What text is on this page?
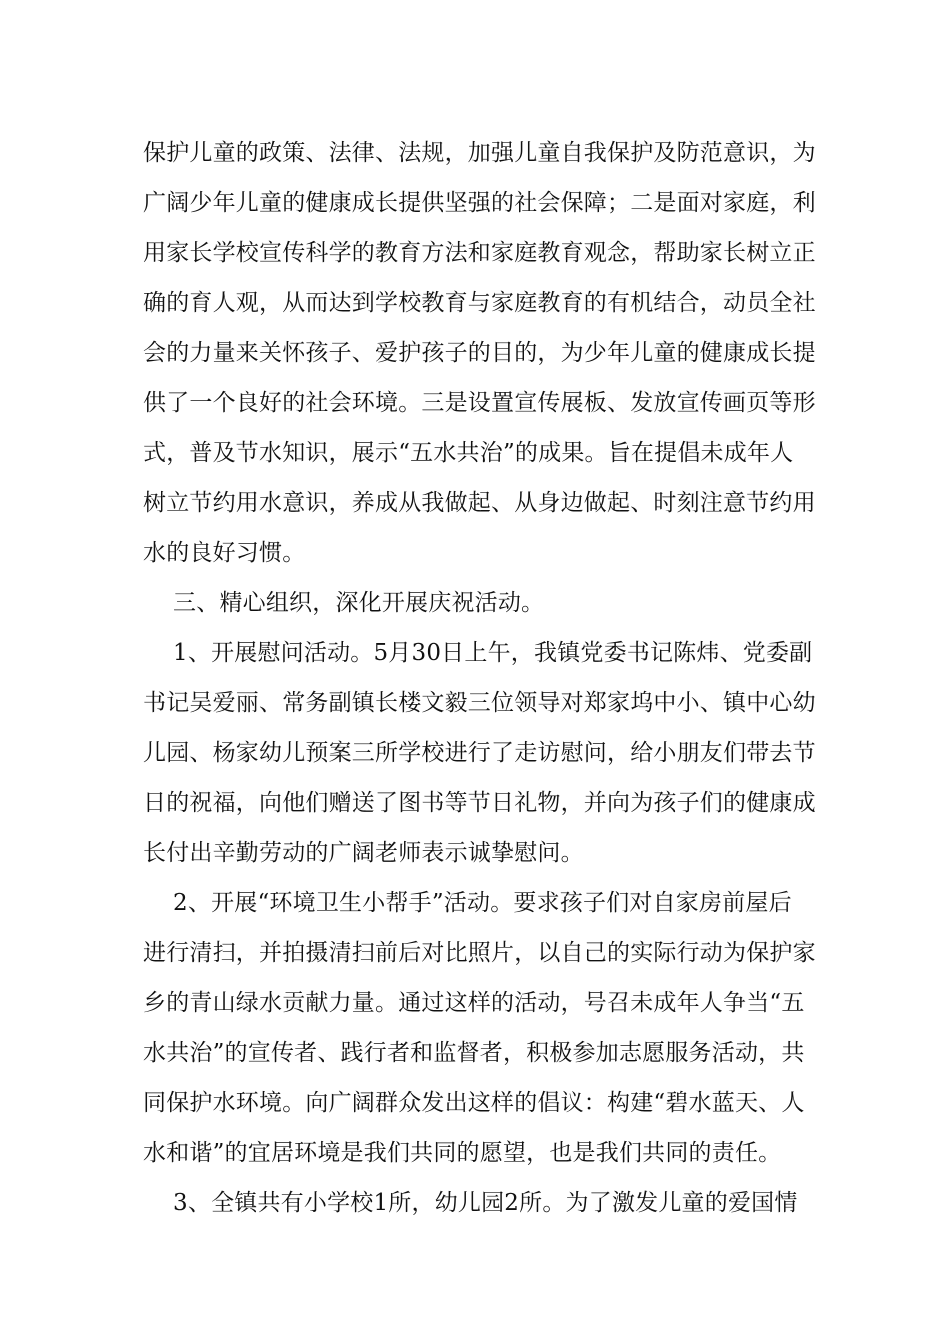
保护儿童的政策、法律、法规，加强儿童自我保护及防范意识，为
广阔少年儿童的健康成长提供坚强的社会保障；二是面对家庭，利
用家长学校宣传科学的教育方法和家庭教育观念，帮助家长树立正
确的育人观，从而达到学校教育与家庭教育的有机结合，动员全社
会的力量来关怀孩子、爱护孩子的目的，为少年儿童的健康成长提
供了一个良好的社会环境。三是设置宣传展板、发放宣传画页等形
式，普及节水知识，展示“五水共治”的成果。旨在提倡未成年人
树立节约用水意识，养成从我做起、从身边做起、时刻注意节约用
水的良好习惯。
三、精心组织，深化开展庆祝活动。
1、开展慰问活动。5月30日上午，我镇党委书记陈炜、党委副
书记吴爱丽、常务副镇长楼文毅三位领导对郑家坞中小、镇中心幼
儿园、杨家幼儿预案三所学校进行了走访慰问，给小朋友们带去节
日的祝福，向他们赠送了图书等节日礼物，并向为孩子们的健康成
长付出辛勤劳动的广阔老师表示诚挚慰问。
2、开展“环境卫生小帮手”活动。要求孩子们对自家房前屋后
进行清扫，并拍摄清扫前后对比照片，以自己的实际行动为保护家
乡的青山绿水贡献力量。通过这样的活动，号召未成年人争当“五
水共治”的宣传者、践行者和监督者，积极参加志愿服务活动，共
同保护水环境。向广阔群众发出这样的倡议：构建“碧水蓝天、人
水和谐”的宜居环境是我们共同的愿望，也是我们共同的责任。
3、全镇共有小学校1所，幼儿园2所。为了激发儿童的爱国情
